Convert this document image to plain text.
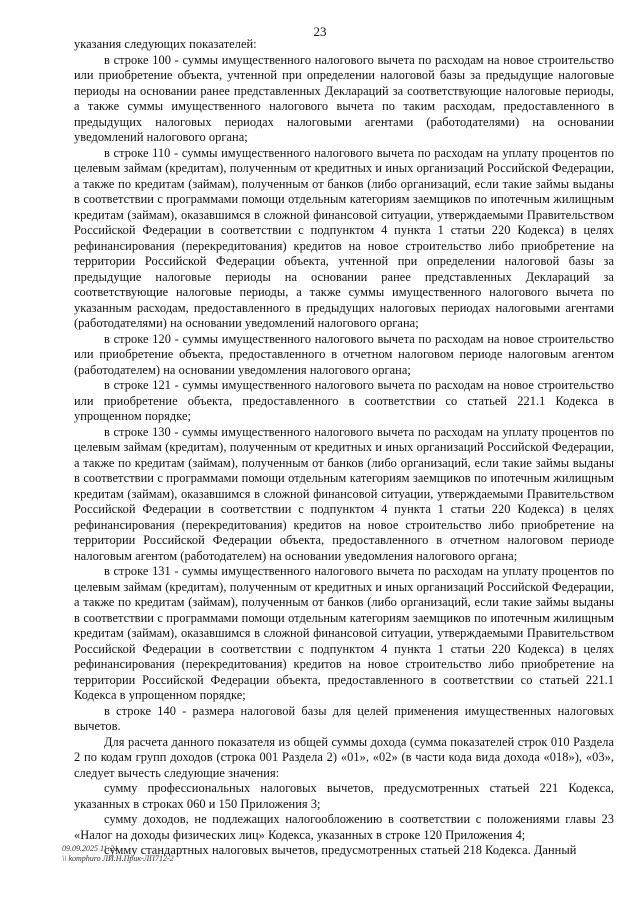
23

указания следующих показателей:

в строке 100 - суммы имущественного налогового вычета по расходам на новое строительство или приобретение объекта, учтенной при определении налоговой базы за предыдущие налоговые периоды на основании ранее представленных Деклараций за соответствующие налоговые периоды, а также суммы имущественного налогового вычета по таким расходам, предоставленного в предыдущих налоговых периодах налоговыми агентами (работодателями) на основании уведомлений налогового органа;

в строке 110 - суммы имущественного налогового вычета по расходам на уплату процентов по целевым займам (кредитам), полученным от кредитных и иных организаций Российской Федерации, а также по кредитам (займам), полученным от банков (либо организаций, если такие займы выданы в соответствии с программами помощи отдельным категориям заемщиков по ипотечным жилищным кредитам (займам), оказавшимся в сложной финансовой ситуации, утверждаемыми Правительством Российской Федерации в соответствии с подпунктом 4 пункта 1 статьи 220 Кодекса) в целях рефинансирования (перекредитования) кредитов на новое строительство либо приобретение на территории Российской Федерации объекта, учтенной при определении налоговой базы за предыдущие налоговые периоды на основании ранее представленных Деклараций за соответствующие налоговые периоды, а также суммы имущественного налогового вычета по указанным расходам, предоставленного в предыдущих налоговых периодах налоговыми агентами (работодателями) на основании уведомлений налогового органа;

в строке 120 - суммы имущественного налогового вычета по расходам на новое строительство или приобретение объекта, предоставленного в отчетном налоговом периоде налоговым агентом (работодателем) на основании уведомления налогового органа;

в строке 121 - суммы имущественного налогового вычета по расходам на новое строительство или приобретение объекта, предоставленного в соответствии со статьей 221.1 Кодекса в упрощенном порядке;

в строке 130 - суммы имущественного налогового вычета по расходам на уплату процентов по целевым займам (кредитам), полученным от кредитных и иных организаций Российской Федерации, а также по кредитам (займам), полученным от банков (либо организаций, если такие займы выданы в соответствии с программами помощи отдельным категориям заемщиков по ипотечным жилищным кредитам (займам), оказавшимся в сложной финансовой ситуации, утверждаемыми Правительством Российской Федерации в соответствии с подпунктом 4 пункта 1 статьи 220 Кодекса) в целях рефинансирования (перекредитования) кредитов на новое строительство либо приобретение на территории Российской Федерации объекта, предоставленного в отчетном налоговом периоде налоговым агентом (работодателем) на основании уведомления налогового органа;

в строке 131 - суммы имущественного налогового вычета по расходам на уплату процентов по целевым займам (кредитам), полученным от кредитных и иных организаций Российской Федерации, а также по кредитам (займам), полученным от банков (либо организаций, если такие займы выданы в соответствии с программами помощи отдельным категориям заемщиков по ипотечным жилищным кредитам (займам), оказавшимся в сложной финансовой ситуации, утверждаемыми Правительством Российской Федерации в соответствии с подпунктом 4 пункта 1 статьи 220 Кодекса) в целях рефинансирования (перекредитования) кредитов на новое строительство либо приобретение на территории Российской Федерации объекта, предоставленного в соответствии со статьей 221.1 Кодекса в упрощенном порядке;

в строке 140 - размера налоговой базы для целей применения имущественных налоговых вычетов.

Для расчета данного показателя из общей суммы дохода (сумма показателей строк 010 Раздела 2 по кодам групп доходов (строка 001 Раздела 2) «01», «02» (в части кода вида дохода «018»), «03», следует вычесть следующие значения:

сумму профессиональных налоговых вычетов, предусмотренных статьей 221 Кодекса, указанных в строках 060 и 150 Приложения 3;

сумму доходов, не подлежащих налогообложению в соответствии с положениями главы 23 «Налог на доходы физических лиц» Кодекса, указанных в строке 120 Приложения 4;

сумму стандартных налоговых вычетов, предусмотренных статьей 218 Кодекса. Данный

09.09.2025 11:21
\\ komphuro ЛИ.Н.Прик-ЛП712-2
